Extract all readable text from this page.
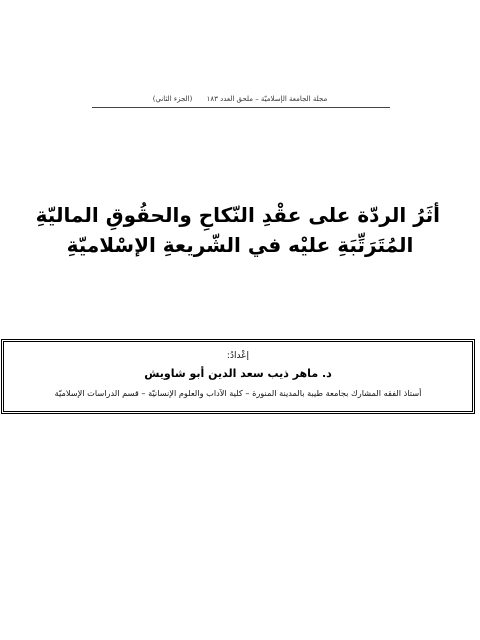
مجلة الجامعة الإسلاميّة – ملحق العدد ١٨٣ (الجزء الثاني)
أثَرُ الردّة على عقْدِ النّكاحِ والحقُوقِ الماليّةِ
المُتَرَتِّبَةِ عليْه في الشّريعةِ الإسْلاميّةِ
إعْدادُ:
د. ماهر ذيب سعد الدين أبو شاويش
أستاذ الفقه المشارك بجامعة طيبة بالمدينة المنورة – كلية الآداب والعلوم الإنسانيّة – قسم الدراسات الإسلاميّة
